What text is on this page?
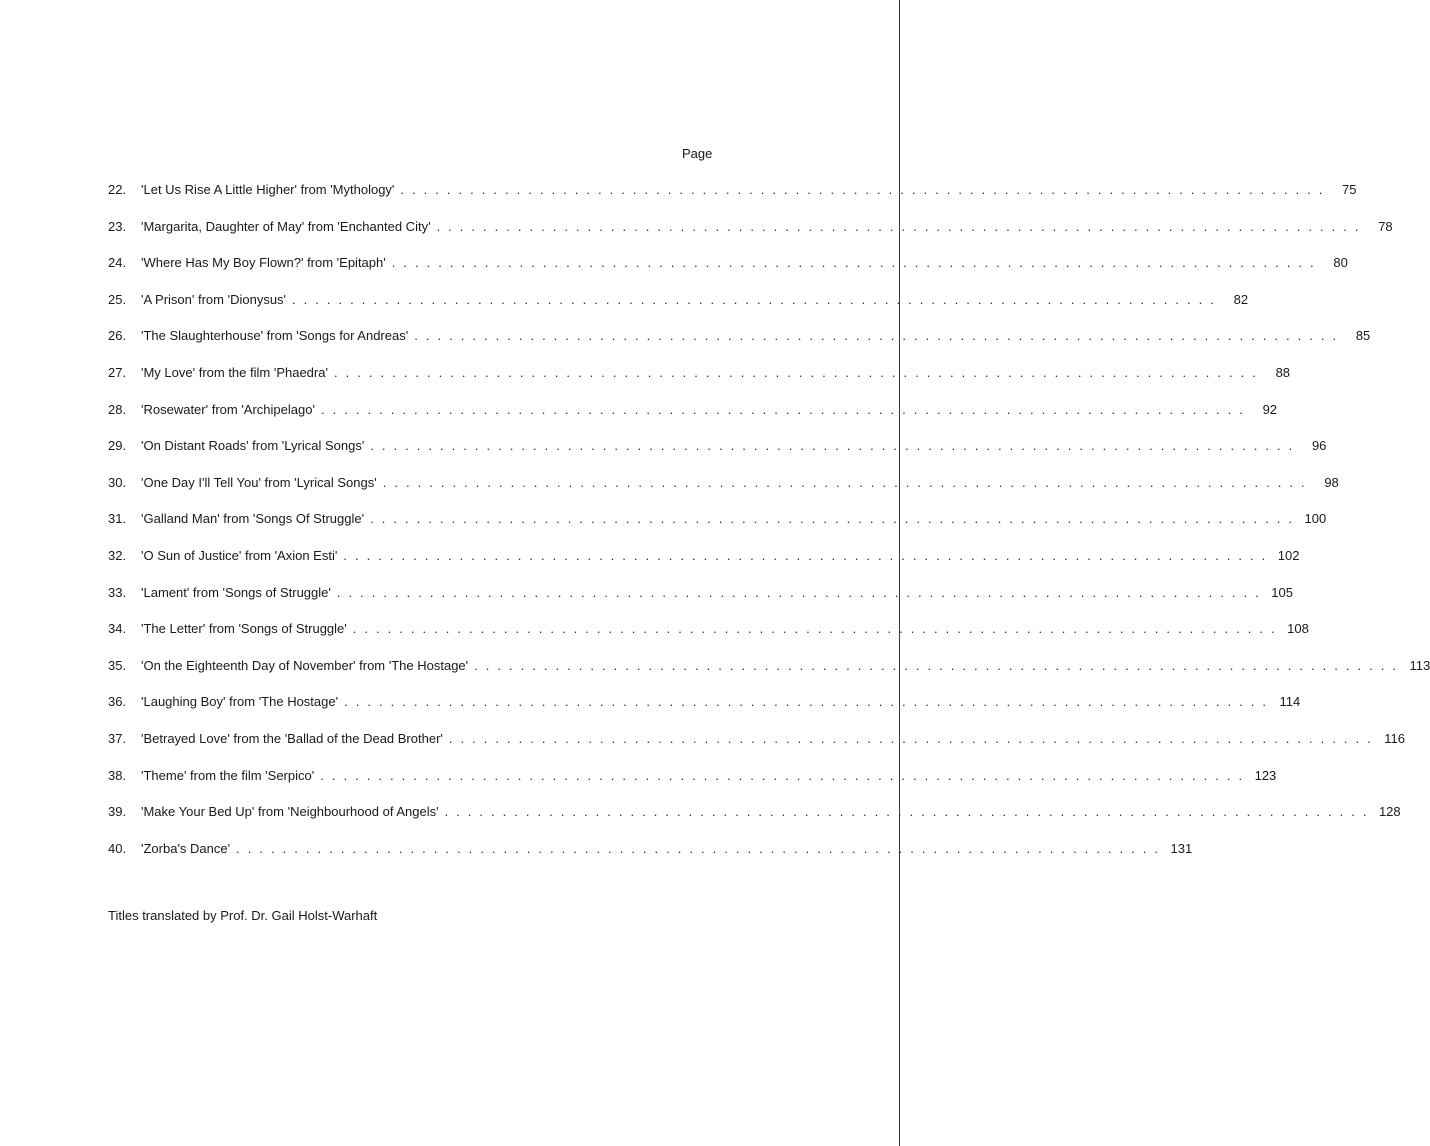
Page
22.	'Let Us Rise A Little Higher' from 'Mythology' . . . . . . . . . . . . . . . . . . . . . . . . . . . . . . . . . . . . . . . . . . . . . . . . . . . . . . . . . . . . . . . . . . . . . . . . . . . . . . . .	75
23.	'Margarita, Daughter of May' from 'Enchanted City' . . . . . . . . . . . . . . . . . . . . . . . . . . . . . . . . . . . . . . . . . . . . . . . . . . . . . . . . . . . . . . . . . . . . . . . . . . . . . . . .	78
24.	'Where Has My Boy Flown?' from 'Epitaph' . . . . . . . . . . . . . . . . . . . . . . . . . . . . . . . . . . . . . . . . . . . . . . . . . . . . . . . . . . . . . . . . . . . . . . . . . . . . . . . .	80
25.	'A Prison' from 'Dionysus' . . . . . . . . . . . . . . . . . . . . . . . . . . . . . . . . . . . . . . . . . . . . . . . . . . . . . . . . . . . . . . . . . . . . . . . . . . . . . . . .	82
26.	'The Slaughterhouse' from 'Songs for Andreas' . . . . . . . . . . . . . . . . . . . . . . . . . . . . . . . . . . . . . . . . . . . . . . . . . . . . . . . . . . . . . . . . . . . . . . . . . . . . . . . .	85
27.	'My Love' from the film 'Phaedra' . . . . . . . . . . . . . . . . . . . . . . . . . . . . . . . . . . . . . . . . . . . . . . . . . . . . . . . . . . . . . . . . . . . . . . . . . . . . . . . .	88
28.	'Rosewater' from 'Archipelago' . . . . . . . . . . . . . . . . . . . . . . . . . . . . . . . . . . . . . . . . . . . . . . . . . . . . . . . . . . . . . . . . . . . . . . . . . . . . . . . .	92
29.	'On Distant Roads' from 'Lyrical Songs' . . . . . . . . . . . . . . . . . . . . . . . . . . . . . . . . . . . . . . . . . . . . . . . . . . . . . . . . . . . . . . . . . . . . . . . . . . . . . . . .	96
30.	'One Day I'll Tell You' from 'Lyrical Songs' . . . . . . . . . . . . . . . . . . . . . . . . . . . . . . . . . . . . . . . . . . . . . . . . . . . . . . . . . . . . . . . . . . . . . . . . . . . . . . . .	98
31.	'Galland Man' from 'Songs Of Struggle' . . . . . . . . . . . . . . . . . . . . . . . . . . . . . . . . . . . . . . . . . . . . . . . . . . . . . . . . . . . . . . . . . . . . . . . . . . . . . . . . 100
32.	'O Sun of Justice' from 'Axion Esti' . . . . . . . . . . . . . . . . . . . . . . . . . . . . . . . . . . . . . . . . . . . . . . . . . . . . . . . . . . . . . . . . . . . . . . . . . . . . . . . . 102
33.	'Lament' from 'Songs of Struggle' . . . . . . . . . . . . . . . . . . . . . . . . . . . . . . . . . . . . . . . . . . . . . . . . . . . . . . . . . . . . . . . . . . . . . . . . . . . . . . . . 105
34.	'The Letter' from 'Songs of Struggle' . . . . . . . . . . . . . . . . . . . . . . . . . . . . . . . . . . . . . . . . . . . . . . . . . . . . . . . . . . . . . . . . . . . . . . . . . . . . . . . . 108
35.	'On the Eighteenth Day of November' from 'The Hostage' . . . . . . . . . . . . . . . . . . . . . . . . . . . . . . . . . . . . . . . . . . . . . . . . . . . . . . . . . . . . . . . . . . . . . . . . . . . . . . . . 113
36.	'Laughing Boy' from 'The Hostage' . . . . . . . . . . . . . . . . . . . . . . . . . . . . . . . . . . . . . . . . . . . . . . . . . . . . . . . . . . . . . . . . . . . . . . . . . . . . . . . . 114
37.	'Betrayed Love' from the 'Ballad of the Dead Brother' . . . . . . . . . . . . . . . . . . . . . . . . . . . . . . . . . . . . . . . . . . . . . . . . . . . . . . . . . . . . . . . . . . . . . . . . . . . . . . . . 116
38.	'Theme' from the film 'Serpico' . . . . . . . . . . . . . . . . . . . . . . . . . . . . . . . . . . . . . . . . . . . . . . . . . . . . . . . . . . . . . . . . . . . . . . . . . . . . . . . . 123
39.	'Make Your Bed Up' from 'Neighbourhood of Angels' . . . . . . . . . . . . . . . . . . . . . . . . . . . . . . . . . . . . . . . . . . . . . . . . . . . . . . . . . . . . . . . . . . . . . . . . . . . . . . . . 128
40.	'Zorba's Dance' . . . . . . . . . . . . . . . . . . . . . . . . . . . . . . . . . . . . . . . . . . . . . . . . . . . . . . . . . . . . . . . . . . . . . . . . . . . . . . . . 131
Titles translated by Prof. Dr. Gail Holst-Warhaft
